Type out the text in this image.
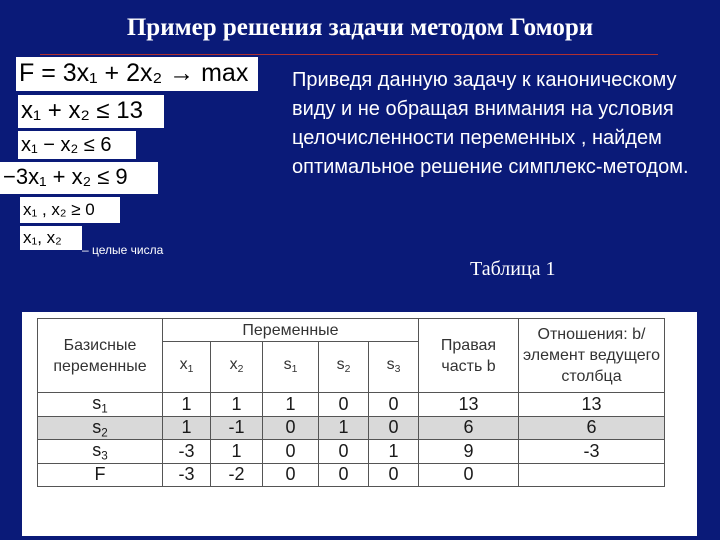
Пример решения задачи методом Гомори
F = 3x₁ + 2x₂ → max
x₁ + x₂ ≤ 13
x₁ − x₂ ≤ 6
−3x₁ + x₂ ≤ 9
x₁ , x₂ ≥ 0
x₁, x₂
– целые числа
Приведя данную задачу к каноническому виду и не обращая внимания на условия целочисленности переменных , найдем оптимальное решение симплекс-методом.
Таблица 1
Базисные переменные	Переменные					Правая часть b	Отношения: b/элемент ведущего столбца
	$x_1$	$x_2$	$s_1$	$s_2$	$s_3$
$s_1$	1	1	1	0	0	13	13
$s_2$	1	-1	0	1	0	6	6
$s_3$	-3	1	0	0	1	9	-3
F	-3	-2	0	0	0	0	
